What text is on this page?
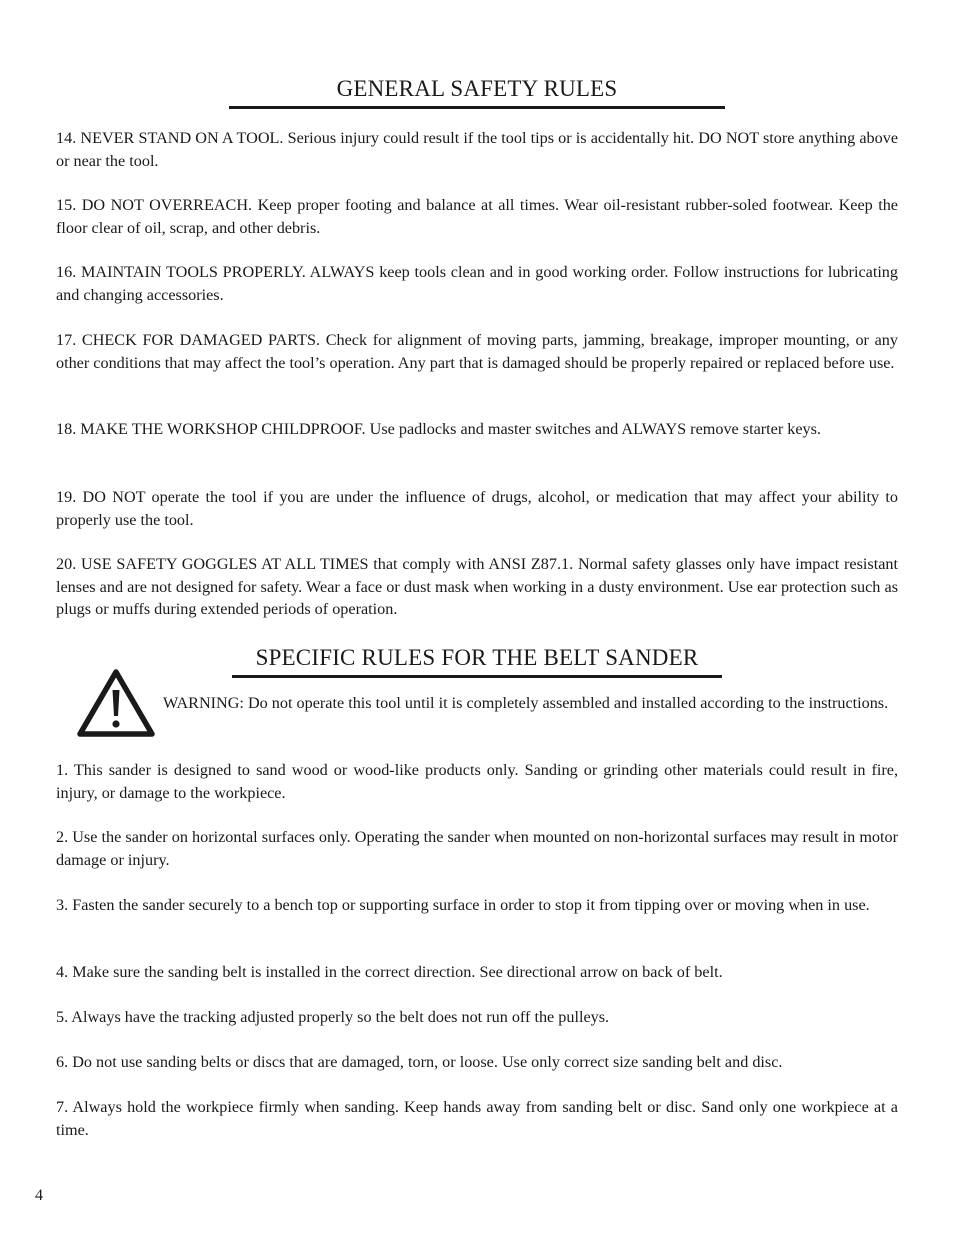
GENERAL SAFETY RULES

14. NEVER STAND ON A TOOL. Serious injury could result if the tool tips or is accidentally hit. DO NOT store anything above or near the tool.

15. DO NOT OVERREACH. Keep proper footing and balance at all times. Wear oil-resistant rubber-soled footwear. Keep the floor clear of oil, scrap, and other debris.

16. MAINTAIN TOOLS PROPERLY. ALWAYS keep tools clean and in good working order. Follow instructions for lubricating and changing accessories.

17. CHECK FOR DAMAGED PARTS. Check for alignment of moving parts, jamming, breakage, improper mounting, or any other conditions that may affect the tool’s operation. Any part that is damaged should be properly repaired or replaced before use.

18. MAKE THE WORKSHOP CHILDPROOF. Use padlocks and master switches and ALWAYS remove starter keys.

19. DO NOT operate the tool if you are under the influence of drugs, alcohol, or medication that may affect your ability to properly use the tool.

20. USE SAFETY GOGGLES AT ALL TIMES that comply with ANSI Z87.1. Normal safety glasses only have impact resistant lenses and are not designed for safety. Wear a face or dust mask when working in a dusty environment. Use ear protection such as plugs or muffs during extended periods of operation.

SPECIFIC RULES FOR THE BELT SANDER

WARNING: Do not operate this tool until it is completely assembled and installed according to the instructions.

1. This sander is designed to sand wood or wood-like products only. Sanding or grinding other materials could result in fire, injury, or damage to the workpiece.

2. Use the sander on horizontal surfaces only. Operating the sander when mounted on non-horizontal surfaces may result in motor damage or injury.

3. Fasten the sander securely to a bench top or supporting surface in order to stop it from tipping over or moving when in use.

4. Make sure the sanding belt is installed in the correct direction. See directional arrow on back of belt.

5. Always have the tracking adjusted properly so the belt does not run off the pulleys.

6. Do not use sanding belts or discs that are damaged, torn, or loose. Use only correct size sanding belt and disc.

7. Always hold the workpiece firmly when sanding. Keep hands away from sanding belt or disc. Sand only one workpiece at a time.

4
